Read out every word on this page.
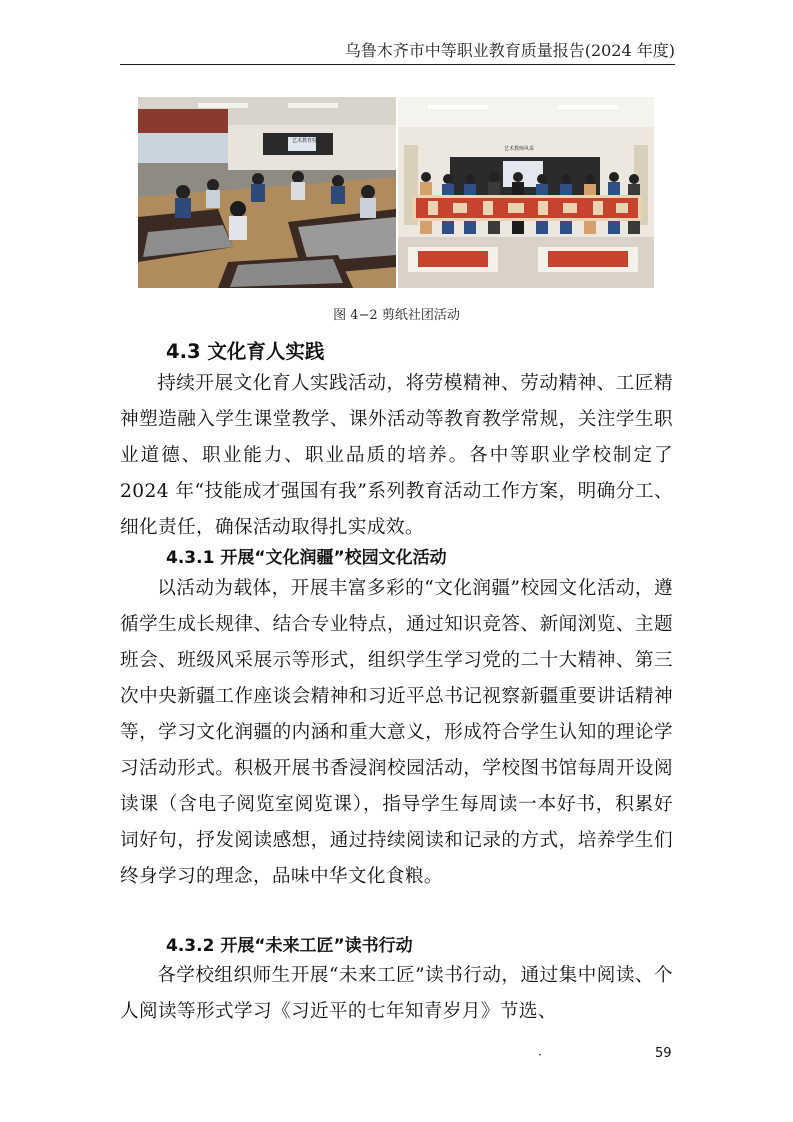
乌鲁木齐市中等职业教育质量报告(2024 年度)
艺术教育特色
艺术教师风采
图 4−2 剪纸社团活动
4.3 文化育人实践

持续开展文化育人实践活动，将劳模精神、劳动精神、工匠精神塑造融入学生课堂教学、课外活动等教育教学常规，关注学生职业道德、职业能力、职业品质的培养。各中等职业学校制定了 2024 年“技能成才强国有我”系列教育活动工作方案，明确分工、细化责任，确保活动取得扎实成效。

4.3.1 开展“文化润疆”校园文化活动

以活动为载体，开展丰富多彩的“文化润疆”校园文化活动，遵循学生成长规律、结合专业特点，通过知识竞答、新闻浏览、主题班会、班级风采展示等形式，组织学生学习党的二十大精神、第三次中央新疆工作座谈会精神和习近平总书记视察新疆重要讲话精神等，学习文化润疆的内涵和重大意义，形成符合学生认知的理论学习活动形式。积极开展书香浸润校园活动，学校图书馆每周开设阅读课（含电子阅览室阅览课），指导学生每周读一本好书，积累好词好句，抒发阅读感想，通过持续阅读和记录的方式，培养学生们终身学习的理念，品味中华文化食粮。

4.3.2 开展“未来工匠”读书行动

各学校组织师生开展“未来工匠”读书行动，通过集中阅读、个人阅读等形式学习《习近平的七年知青岁月》节选、

·	59
